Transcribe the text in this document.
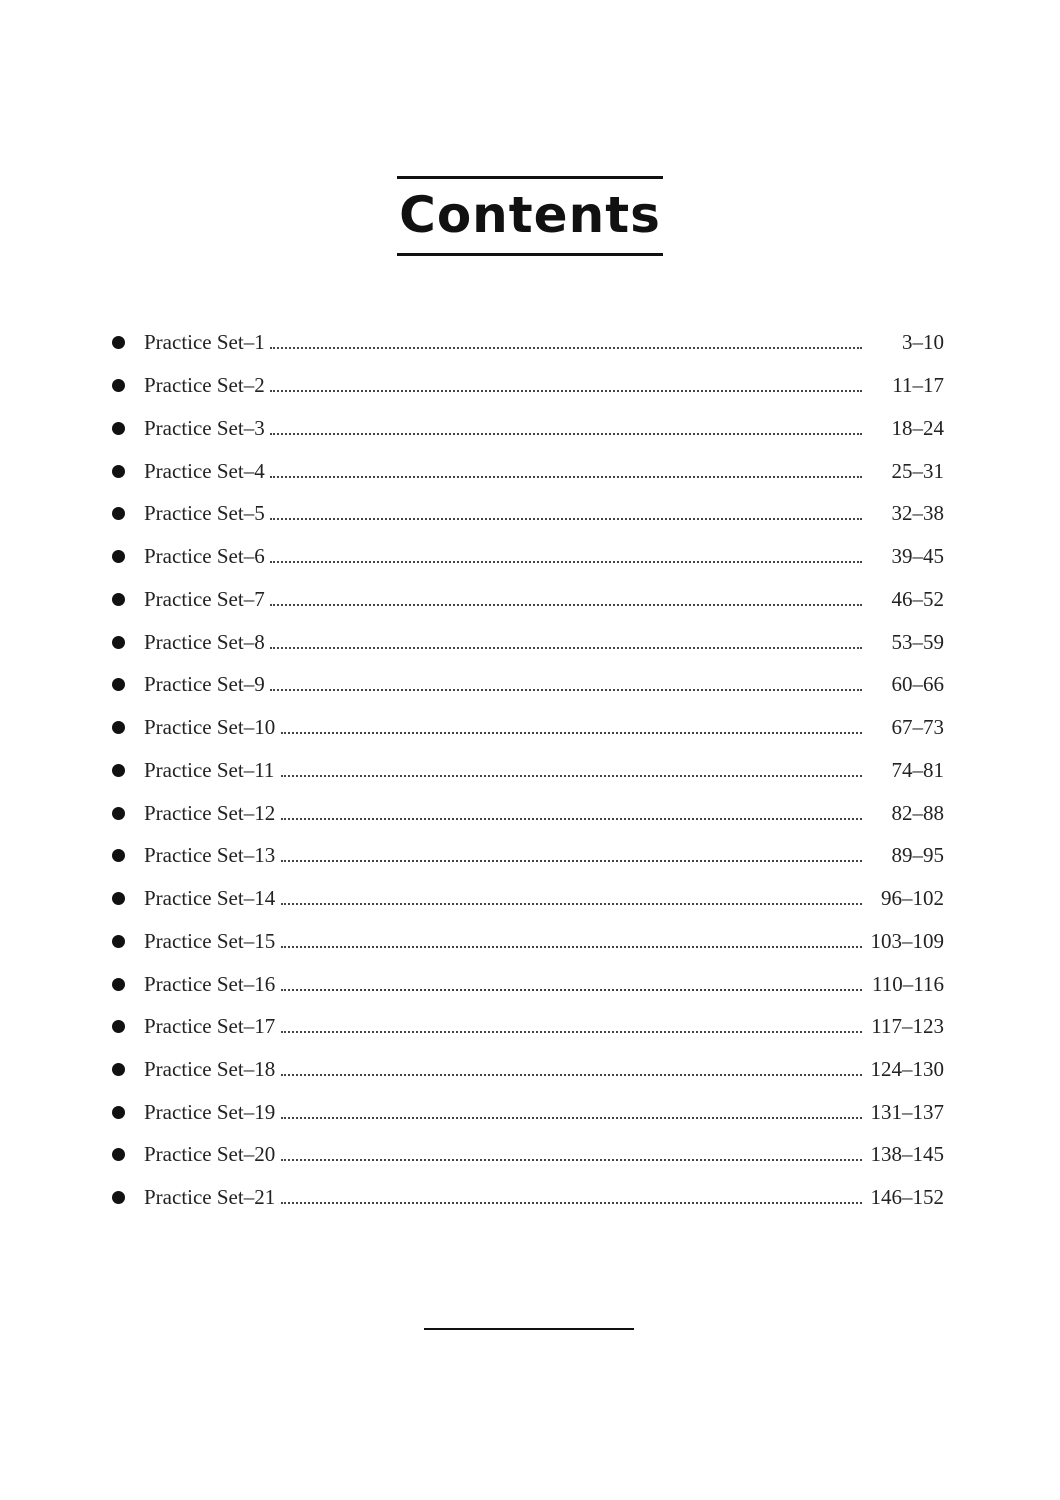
Contents
Practice Set–1	3–10
Practice Set–2	11–17
Practice Set–3	18–24
Practice Set–4	25–31
Practice Set–5	32–38
Practice Set–6	39–45
Practice Set–7	46–52
Practice Set–8	53–59
Practice Set–9	60–66
Practice Set–10	67–73
Practice Set–11	74–81
Practice Set–12	82–88
Practice Set–13	89–95
Practice Set–14	96–102
Practice Set–15	103–109
Practice Set–16	110–116
Practice Set–17	117–123
Practice Set–18	124–130
Practice Set–19	131–137
Practice Set–20	138–145
Practice Set–21	146–152
